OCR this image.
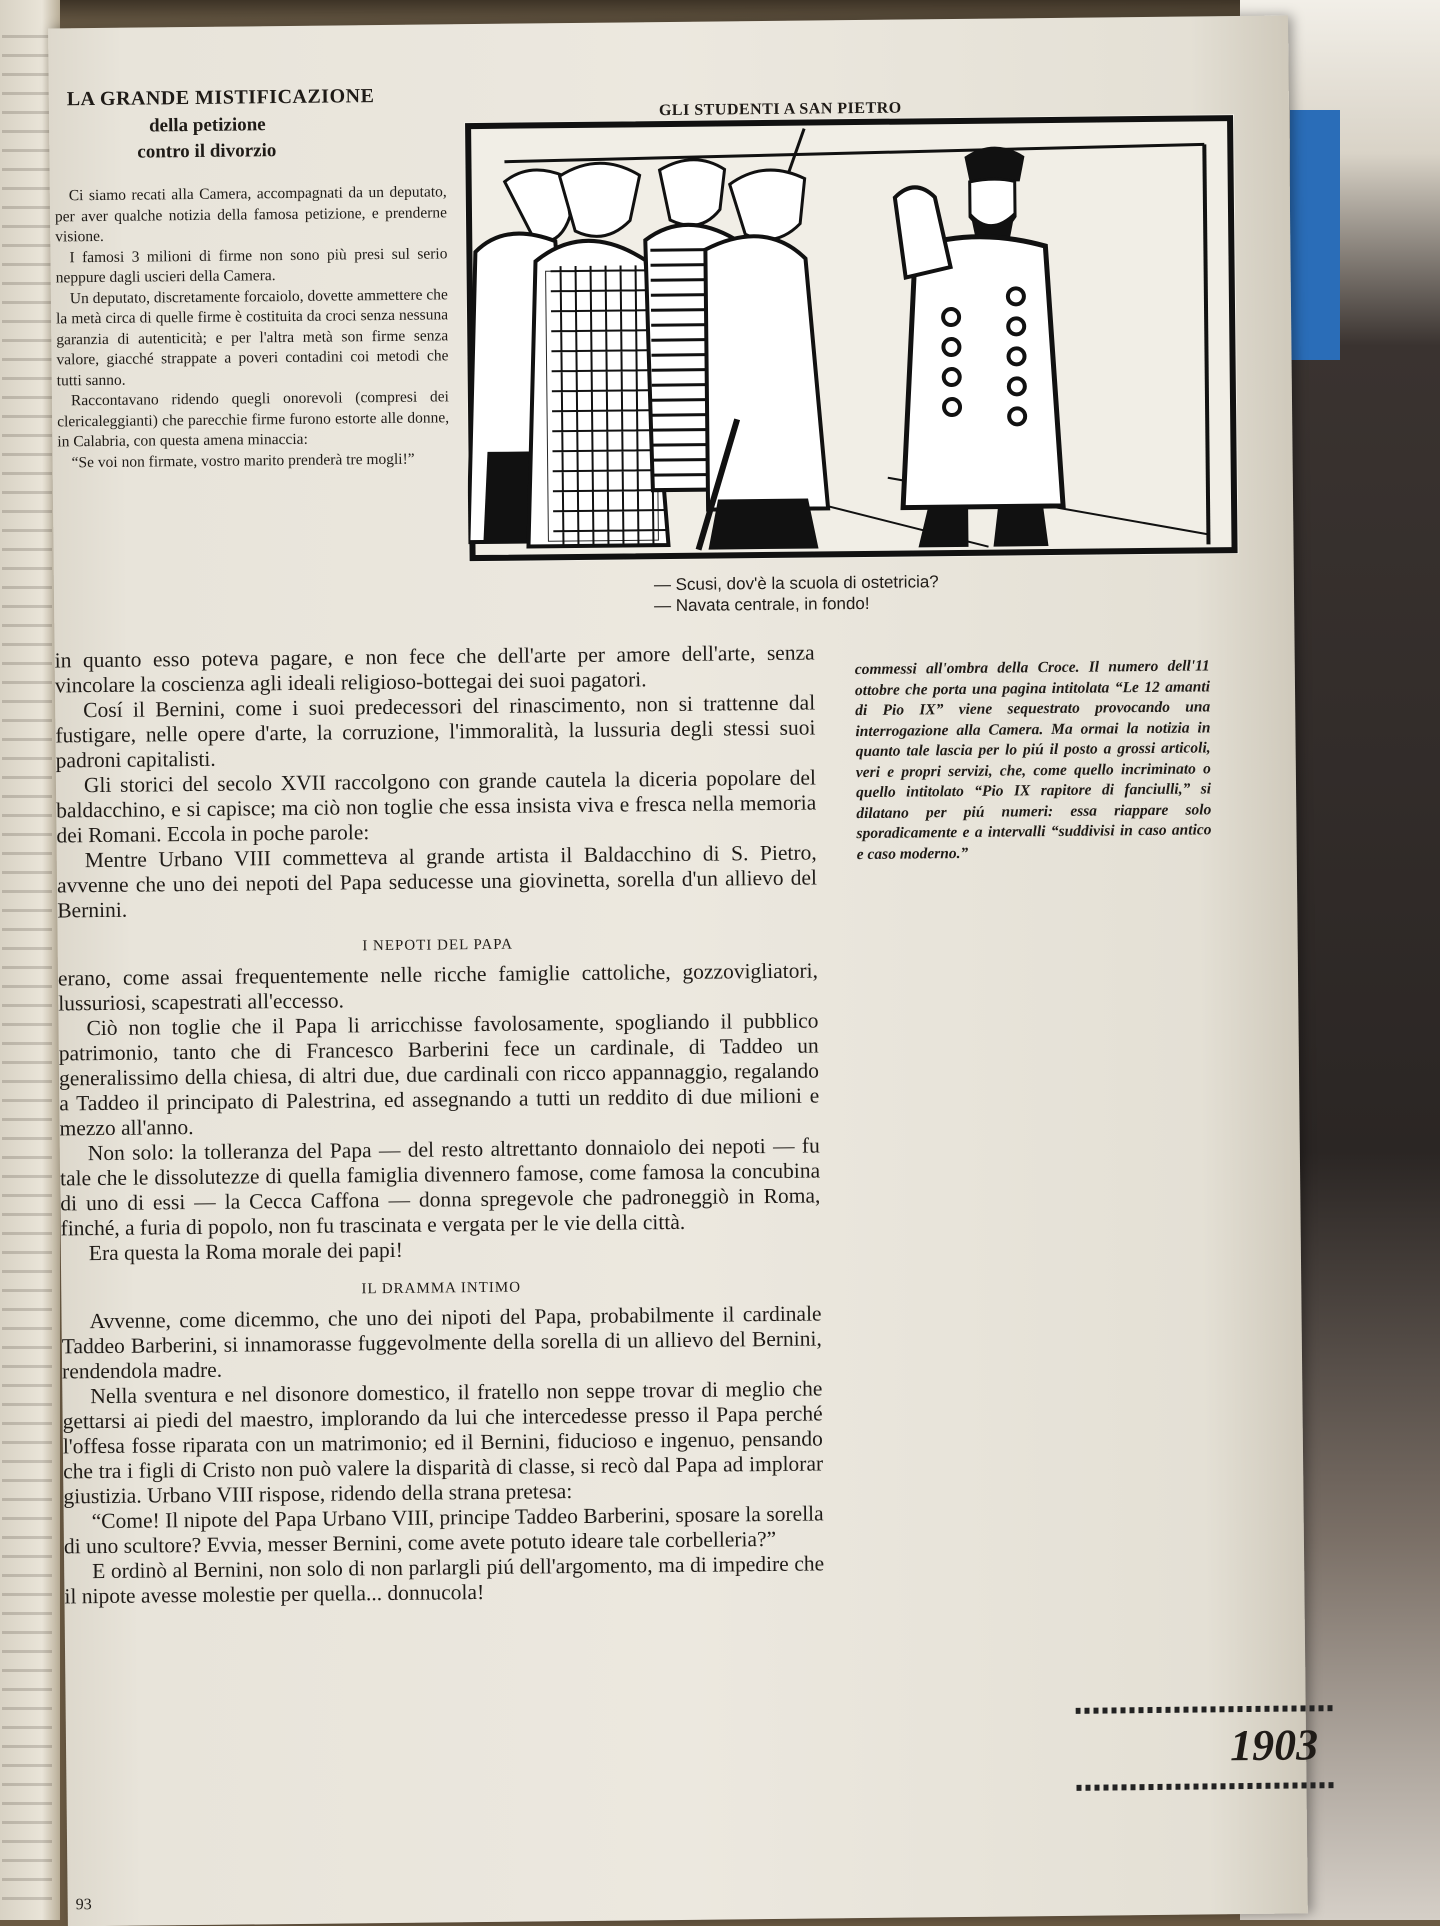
LA GRANDE MISTIFICAZIONE
della petizione
contro il divorzio

Ci siamo recati alla Camera, accompagnati da un deputato, per aver qualche notizia della famosa petizione, e prenderne visione.

I famosi 3 milioni di firme non sono più presi sul serio neppure dagli uscieri della Camera.

Un deputato, discretamente forcaiolo, dovette ammettere che la metà circa di quelle firme è costituita da croci senza nessuna garanzia di autenticità; e per l'altra metà son firme senza valore, giacché strappate a poveri contadini coi metodi che tutti sanno.

Raccontavano ridendo quegli onorevoli (compresi dei clericaleggianti) che parecchie firme furono estorte alle donne, in Calabria, con questa amena minaccia:

“Se voi non firmate, vostro marito prenderà tre mogli!”

GLI STUDENTI A SAN PIETRO
— Scusi, dov'è la scuola di ostetricia?
— Navata centrale, in fondo!

in quanto esso poteva pagare, e non fece che dell'arte per amore dell'arte, senza vincolare la coscienza agli ideali religioso-bottegai dei suoi pagatori.

Cosí il Bernini, come i suoi predecessori del rinascimento, non si trattenne dal fustigare, nelle opere d'arte, la corruzione, l'immoralità, la lussuria degli stessi suoi padroni capitalisti.

Gli storici del secolo XVII raccolgono con grande cautela la diceria popolare del baldacchino, e si capisce; ma ciò non toglie che essa insista viva e fresca nella memoria dei Romani. Eccola in poche parole:

Mentre Urbano VIII commetteva al grande artista il Baldacchino di S. Pietro, avvenne che uno dei nepoti del Papa seducesse una giovinetta, sorella d'un allievo del Bernini.

I NEPOTI DEL PAPA

erano, come assai frequentemente nelle ricche famiglie cattoliche, gozzovigliatori, lussuriosi, scapestrati all'eccesso.

Ciò non toglie che il Papa li arricchisse favolosamente, spogliando il pubblico patrimonio, tanto che di Francesco Barberini fece un cardinale, di Taddeo un generalissimo della chiesa, di altri due, due cardinali con ricco appannaggio, regalando a Taddeo il principato di Palestrina, ed assegnando a tutti un reddito di due milioni e mezzo all'anno.

Non solo: la tolleranza del Papa — del resto altrettanto donnaiolo dei nepoti — fu tale che le dissolutezze di quella famiglia divennero famose, come famosa la concubina di uno di essi — la Cecca Caffona — donna spregevole che padroneggiò in Roma, finché, a furia di popolo, non fu trascinata e vergata per le vie della città.

Era questa la Roma morale dei papi!

IL DRAMMA INTIMO

Avvenne, come dicemmo, che uno dei nipoti del Papa, probabilmente il cardinale Taddeo Barberini, si innamorasse fuggevolmente della sorella di un allievo del Bernini, rendendola madre.

Nella sventura e nel disonore domestico, il fratello non seppe trovar di meglio che gettarsi ai piedi del maestro, implorando da lui che intercedesse presso il Papa perché l'offesa fosse riparata con un matrimonio; ed il Bernini, fiducioso e ingenuo, pensando che tra i figli di Cristo non può valere la disparità di classe, si recò dal Papa ad implorar giustizia. Urbano VIII rispose, ridendo della strana pretesa:

“Come! Il nipote del Papa Urbano VIII, principe Taddeo Barberini, sposare la sorella di uno scultore? Evvia, messer Bernini, come avete potuto ideare tale corbelleria?”

E ordinò al Bernini, non solo di non parlargli piú dell'argomento, ma di impedire che il nipote avesse molestie per quella... donnucola!

commessi all'ombra della Croce. Il numero dell'11 ottobre che porta una pagina intitolata “Le 12 amanti di Pio IX” viene sequestrato provocando una interrogazione alla Camera. Ma ormai la notizia in quanto tale lascia per lo piú il posto a grossi articoli, veri e propri servizi, che, come quello incriminato o quello intitolato “Pio IX rapitore di fanciulli,” si dilatano per piú numeri: essa riappare solo sporadicamente e a intervalli “suddivisi in caso antico e caso moderno.”
1903
93
